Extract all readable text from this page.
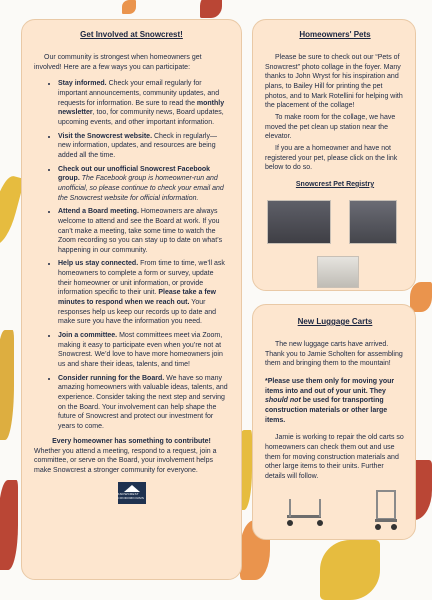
Get Involved at Snowcrest!

Our community is strongest when homeowners get involved! Here are a few ways you can participate:

• Stay informed. Check your email regularly for important announcements, community updates, and requests for information. Be sure to read the monthly newsletter, too, for community news, Board updates, upcoming events, and other important information.
• Visit the Snowcrest website. Check in regularly—new information, updates, and resources are being added all the time.
• Check out our unofficial Snowcrest Facebook group. The Facebook group is homeowner-run and unofficial, so please continue to check your email and the Snowcrest website for official information.
• Attend a Board meeting. Homeowners are always welcome to attend and see the Board at work. If you can’t make a meeting, take some time to watch the Zoom recording so you can stay up to date on what’s happening in our community.
• Help us stay connected. From time to time, we’ll ask homeowners to complete a form or survey, update their homeowner or unit information, or provide information specific to their unit. Please take a few minutes to respond when we reach out. Your responses help us keep our records up to date and make sure you have the information you need.
• Join a committee. Most committees meet via Zoom, making it easy to participate even when you’re not at Snowcrest. We’d love to have more homeowners join us and share their ideas, talents, and time!
• Consider running for the Board. We have so many amazing homeowners with valuable ideas, talents, and experience. Consider taking the next step and serving on the Board. Your involvement can help shape the future of Snowcrest and protect our investment for years to come.
Every homeowner has something to contribute!

Whether you attend a meeting, respond to a request, join a committee, or serve on the Board, your involvement helps make Snowcrest a stronger community for everyone.

SNOWCREST CONDOMINIUMS
Homeowners' Pets

Please be sure to check out our “Pets of Snowcrest” photo collage in the foyer. Many thanks to John Wryst for his inspiration and plans, to Bailey Hill for printing the pet photos, and to Mark Rotellini for helping with the placement of the collage!

To make room for the collage, we have moved the pet clean up station near the elevator.

If you are a homeowner and have not registered your pet, please click on the link below to do so.

Snowcrest Pet Registry
New Luggage Carts

The new luggage carts have arrived. Thank you to Jamie Scholten for assembling them and bringing them to the mountain!

*Please use them only for moving your items into and out of your unit. They should not be used for transporting construction materials or other large items.

Jamie is working to repair the old carts so homeowners can check them out and use them for moving construction materials and other large items to their units. Further details will follow.
